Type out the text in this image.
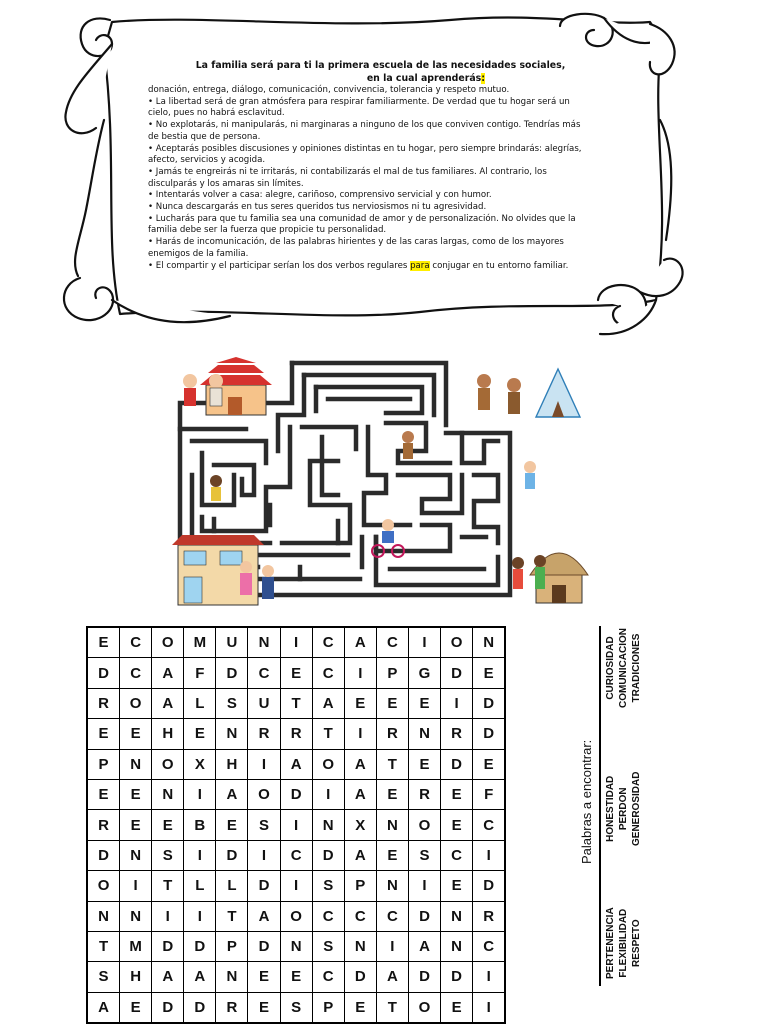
La familia será para ti la primera escuela de las necesidades sociales,
en la cual aprenderás:

donación, entrega, diálogo, comunicación, convivencia, tolerancia y respeto mutuo.

• La libertad será de gran atmósfera para respirar familiarmente. De verdad que tu hogar será un cielo, pues no habrá esclavitud.

• No explotarás, ni manipularás, ni marginaras a ninguno de los que conviven contigo. Tendrías más de bestia que de persona.

• Aceptarás posibles discusiones y opiniones distintas en tu hogar, pero siempre brindarás: alegrías, afecto, servicios y acogida.

• Jamás te engreirás ni te irritarás, ni contabilizarás el mal de tus familiares. Al contrario, los disculparás y los amaras sin límites.

• Intentarás volver a casa: alegre, cariñoso, comprensivo servicial y con humor.

• Nunca descargarás en tus seres queridos tus nerviosismos ni tu agresividad.

• Lucharás para que tu familia sea una comunidad de amor y de personalización. No olvides que la familia debe ser la fuerza que propicie tu personalidad.

• Harás de incomunicación, de las palabras hirientes y de las caras largas, como de los mayores enemigos de la familia.

• El compartir y el participar serían los dos verbos regulares para conjugar en tu entorno familiar.

E	C	O	M	U	N	I	C	A	C	I	O	N
D	C	A	F	D	C	E	C	I	P	G	D	E
R	O	A	L	S	U	T	A	E	E	E	I	D
E	E	H	E	N	R	R	T	I	R	N	R	D
P	N	O	X	H	I	A	O	A	T	E	D	E
E	E	N	I	A	O	D	I	A	E	R	E	F
R	E	E	B	E	S	I	N	X	N	O	E	C
D	N	S	I	D	I	C	D	A	E	S	C	I
O	I	T	L	L	D	I	S	P	N	I	E	D
N	N	I	I	T	A	O	C	C	C	D	N	R
T	M	D	D	P	D	N	S	N	I	A	N	C
S	H	A	A	N	E	E	C	D	A	D	D	I
A	E	D	D	R	E	S	P	E	T	O	E	I
Palabras a encontrar:
PERTENENCIA FLEXIBILIDAD RESPETO
HONESTIDAD PERDON GENEROSIDAD
CURIOSIDAD COMUNICACION TRADICIONES
